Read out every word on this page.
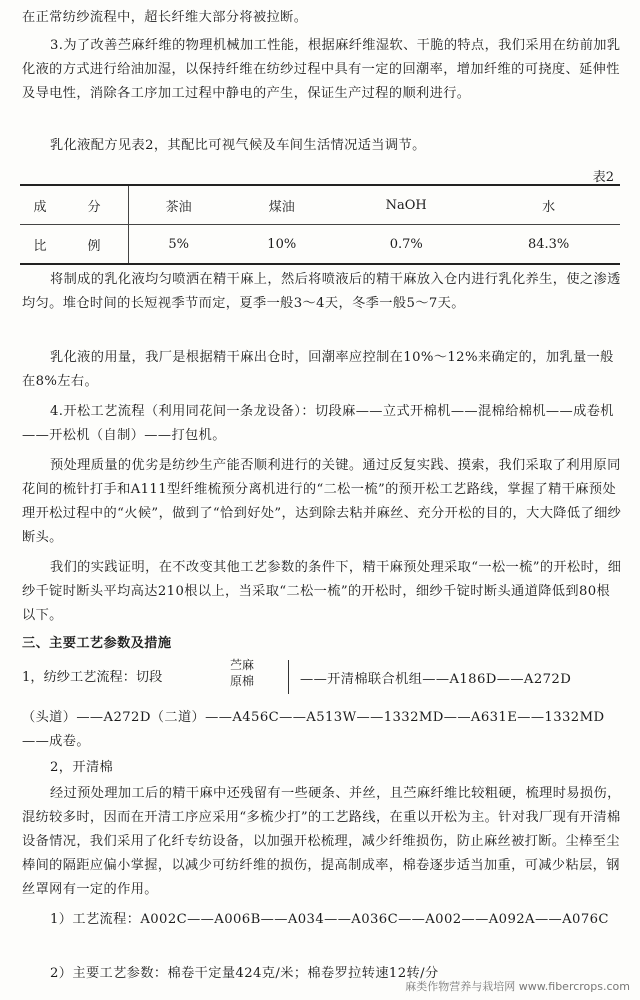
在正常纺纱流程中，超长纤维大部分将被拉断。

3.为了改善苎麻纤维的物理机械加工性能，根据麻纤维湿软、干脆的特点，我们采用在纺前加乳化液的方式进行给油加湿，以保持纤维在纺纱过程中具有一定的回潮率，增加纤维的可挠度、延伸性及导电性，消除各工序加工过程中静电的产生，保证生产过程的顺利进行。

乳化液配方见表2，其配比可视气候及车间生活情况适当调节。

表2
成　分	茶油	煤油	NaOH	水
比　例	5%	10%	0.7%	84.3%

将制成的乳化液均匀喷洒在精干麻上，然后将喷液后的精干麻放入仓内进行乳化养生，使之渗透均匀。堆仓时间的长短视季节而定，夏季一般3～4天，冬季一般5～7天。

乳化液的用量，我厂是根据精干麻出仓时，回潮率应控制在10%～12%来确定的，加乳量一般在8%左右。

4.开松工艺流程（利用同花间一条龙设备）：切段麻——立式开棉机——混棉给棉机——成卷机——开松机（自制）——打包机。

预处理质量的优劣是纺纱生产能否顺利进行的关键。通过反复实践、摸索，我们采取了利用原同花间的梳针打手和A111型纤维梳预分离机进行的“二松一梳”的预开松工艺路线，掌握了精干麻预处理开松过程中的“火候”，做到了“恰到好处”，达到除去粘并麻丝、充分开松的目的，大大降低了细纱断头。

我们的实践证明，在不改变其他工艺参数的条件下，精干麻预处理采取“一松一梳”的开松时，细纱千锭时断头平均高达210根以上，当采取“二松一梳”的开松时，细纱千锭时断头通道降低到80根以下。

三、主要工艺参数及措施

1，纺纱工艺流程：切段
苎麻
原棉	——开清棉联合机组——A186D——A272D

（头道）——A272D（二道）——A456C——A513W——1332MD——A631E——1332MD——成卷。

2，开清棉

经过预处理加工后的精干麻中还残留有一些硬条、并丝，且苎麻纤维比较粗硬，梳理时易损伤，混纺较多时，因而在开清工序应采用“多梳少打”的工艺路线，在重以开松为主。针对我厂现有开清棉设备情况，我们采用了化纤专纺设备，以加强开松梳理，减少纤维损伤，防止麻丝被打断。尘棒至尘棒间的隔距应偏小掌握，以减少可纺纤维的损伤，提高制成率，棉卷逐步适当加重，可减少粘层，钢丝罩网有一定的作用。

1）工艺流程：A002C——A006B——A034——A036C——A002——A092A——A076C

2）主要工艺参数：棉卷干定量424克/米；棉卷罗拉转速12转/分

麻类作物营养与栽培网 www.fibercrops.com
